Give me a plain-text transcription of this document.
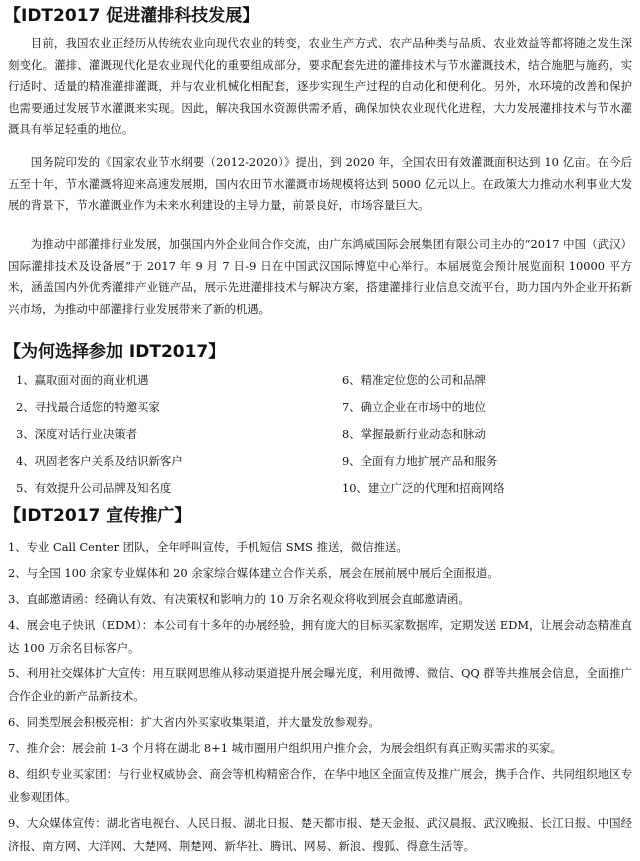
【IDT2017 促进灌排科技发展】

目前，我国农业正经历从传统农业向现代农业的转变，农业生产方式、农产品种类与品质、农业效益等都将随之发生深刻变化。灌排、灌溉现代化是农业现代化的重要组成部分，要求配套先进的灌排技术与节水灌溉技术，结合施肥与施药，实行适时、适量的精准灌排灌溉，并与农业机械化相配套，逐步实现生产过程的自动化和便利化。另外，水环境的改善和保护也需要通过发展节水灌溉来实现。因此，解决我国水资源供需矛盾，确保加快农业现代化进程，大力发展灌排技术与节水灌溉具有举足轻重的地位。

国务院印发的《国家农业节水纲要（2012-2020）》提出，到 2020 年，全国农田有效灌溉面积达到 10 亿亩。在今后五至十年，节水灌溉将迎来高速发展期，国内农田节水灌溉市场规模将达到 5000 亿元以上。在政策大力推动水利事业大发展的背景下，节水灌溉业作为未来水利建设的主导力量，前景良好，市场容量巨大。

为推动中部灌排行业发展，加强国内外企业间合作交流，由广东鸿威国际会展集团有限公司主办的“2017 中国（武汉）国际灌排技术及设备展”于 2017 年 9 月 7 日-9 日在中国武汉国际博览中心举行。本届展览会预计展览面积 10000 平方米，涵盖国内外优秀灌排产业链产品，展示先进灌排技术与解决方案，搭建灌排行业信息交流平台，助力国内外企业开拓新兴市场，为推动中部灌排行业发展带来了新的机遇。

【为何选择参加 IDT2017】
1、赢取面对面的商业机遇
2、寻找最合适您的特邀买家
3、深度对话行业决策者
4、巩固老客户关系及结识新客户
5、有效提升公司品牌及知名度
6、精准定位您的公司和品牌
7、确立企业在市场中的地位
8、掌握最新行业动态和脉动
9、全面有力地扩展产品和服务
10、建立广泛的代理和招商网络
【IDT2017 宣传推广】

1、专业 Call Center 团队，全年呼叫宣传，手机短信 SMS 推送，微信推送。

2、与全国 100 余家专业媒体和 20 余家综合媒体建立合作关系，展会在展前展中展后全面报道。

3、直邮邀请函：经确认有效、有决策权和影响力的 10 万余名观众将收到展会直邮邀请函。

4、展会电子快讯（EDM）：本公司有十多年的办展经验，拥有庞大的目标买家数据库，定期发送 EDM，让展会动态精准直达 100 万余名目标客户。

5、利用社交媒体扩大宣传：用互联网思维从移动渠道提升展会曝光度，利用微博、微信、QQ 群等共推展会信息，全面推广合作企业的新产品新技术。

6、同类型展会积极亮相：扩大省内外买家收集渠道，并大量发放参观券。

7、推介会：展会前 1-3 个月将在湖北 8+1 城市圈用户组织用户推介会，为展会组织有真正购买需求的买家。

8、组织专业买家团：与行业权威协会、商会等机构精密合作，在华中地区全面宣传及推广展会，携手合作、共同组织地区专业参观团体。

9、大众媒体宣传：湖北省电视台、人民日报、湖北日报、楚天都市报、楚天金报、武汉晨报、武汉晚报、长江日报、中国经济报、南方网、大洋网、大楚网、荆楚网、新华社、腾讯、网易、新浪、搜狐、得意生活等。
